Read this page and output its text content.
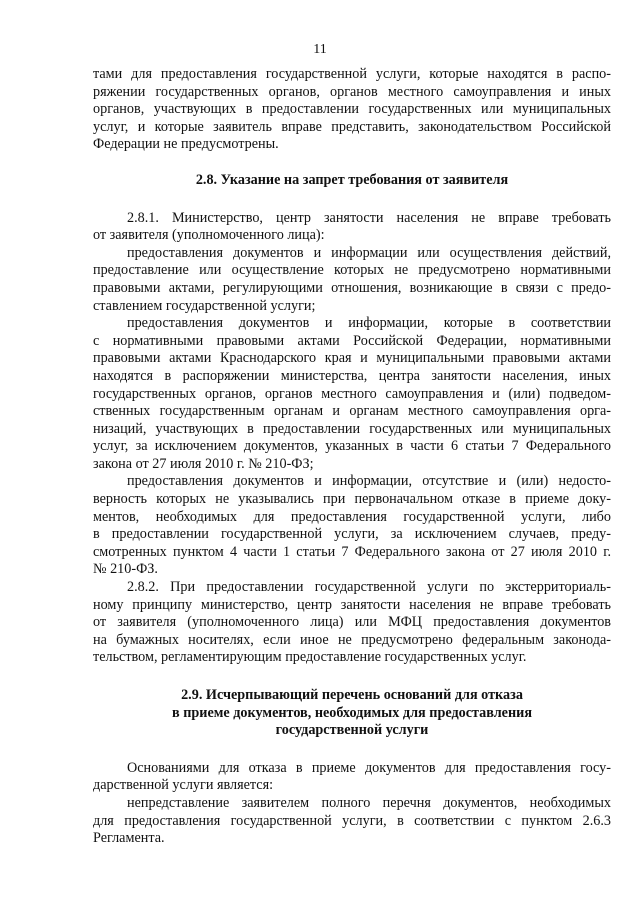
11
тами для предоставления государственной услуги, которые находятся в распо-
ряжении государственных органов, органов местного самоуправления и иных
органов, участвующих в предоставлении государственных или муниципальных
услуг, и которые заявитель вправе представить, законодательством Российской
Федерации не предусмотрены.
2.8. Указание на запрет требования от заявителя
2.8.1. Министерство, центр занятости населения не вправе требовать
от заявителя (уполномоченного лица):
предоставления документов и информации или осуществления действий,
предоставление или осуществление которых не предусмотрено нормативными
правовыми актами, регулирующими отношения, возникающие в связи с предо-
ставлением государственной услуги;
предоставления документов и информации, которые в соответствии
с нормативными правовыми актами Российской Федерации, нормативными
правовыми актами Краснодарского края и муниципальными правовыми актами
находятся в распоряжении министерства, центра занятости населения, иных
государственных органов, органов местного самоуправления и (или) подведом-
ственных государственным органам и органам местного самоуправления орга-
низаций, участвующих в предоставлении государственных или муниципальных
услуг, за исключением документов, указанных в части 6 статьи 7 Федерального
закона от 27 июля 2010 г. № 210-ФЗ;
предоставления документов и информации, отсутствие и (или) недосто-
верность которых не указывались при первоначальном отказе в приеме доку-
ментов, необходимых для предоставления государственной услуги, либо
в предоставлении государственной услуги, за исключением случаев, преду-
смотренных пунктом 4 части 1 статьи 7 Федерального закона от 27 июля 2010 г.
№ 210-ФЗ.
2.8.2. При предоставлении государственной услуги по экстерриториаль-
ному принципу министерство, центр занятости населения не вправе требовать
от заявителя (уполномоченного лица) или МФЦ предоставления документов
на бумажных носителях, если иное не предусмотрено федеральным законода-
тельством, регламентирующим предоставление государственных услуг.
2.9. Исчерпывающий перечень оснований для отказа
в приеме документов, необходимых для предоставления
государственной услуги
Основаниями для отказа в приеме документов для предоставления госу-
дарственной услуги является:
непредставление заявителем полного перечня документов, необходимых
для предоставления государственной услуги, в соответствии с пунктом 2.6.3
Регламента.
